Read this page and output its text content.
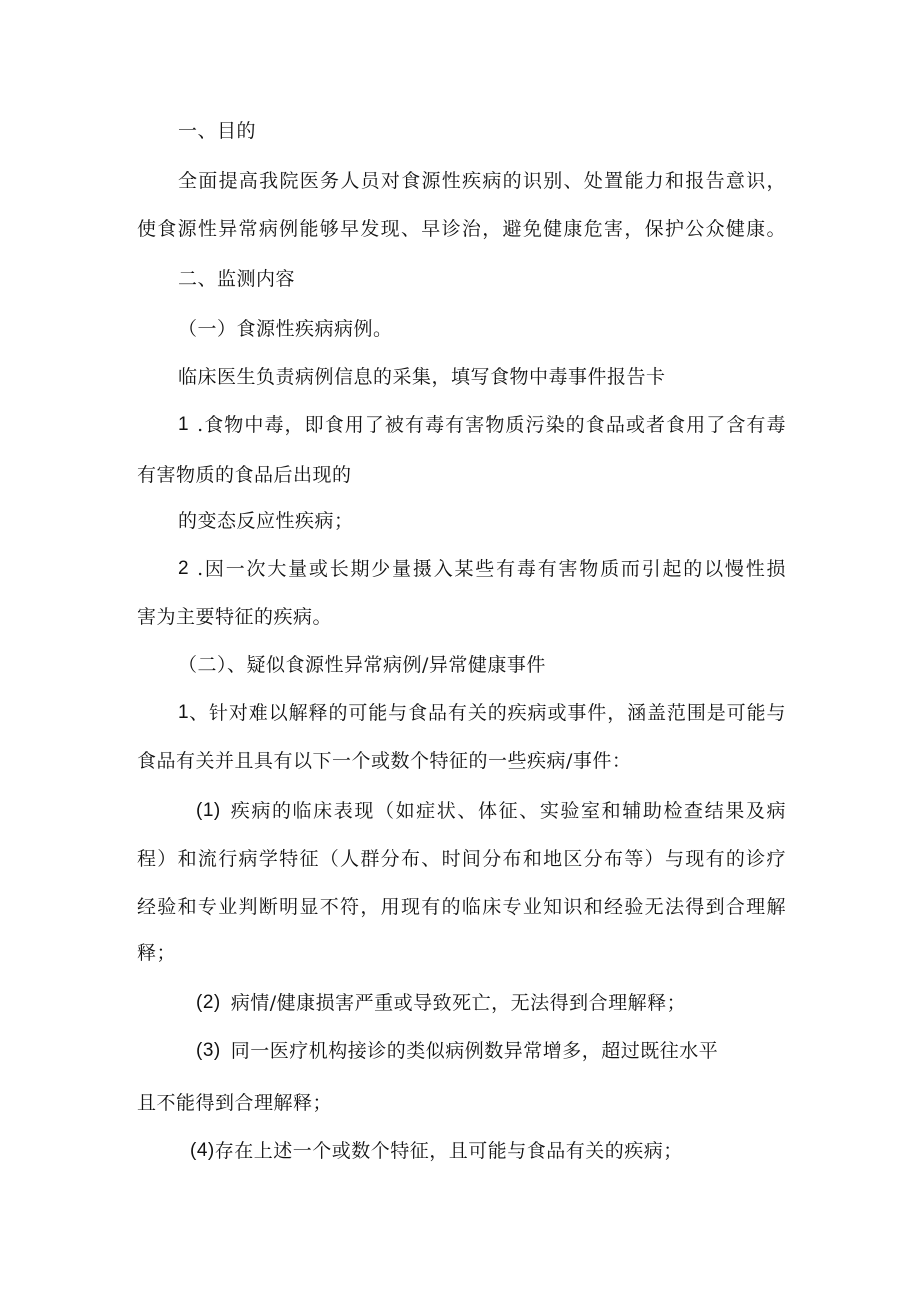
一、目的
全面提高我院医务人员对食源性疾病的识别、处置能力和报告意识，
使食源性异常病例能够早发现、早诊治，避免健康危害，保护公众健康。
二、监测内容
（一）食源性疾病病例。
临床医生负责病例信息的采集，填写食物中毒事件报告卡
1 .食物中毒，即食用了被有毒有害物质污染的食品或者食用了含有毒
有害物质的食品后出现的
的变态反应性疾病；
2 .因一次大量或长期少量摄入某些有毒有害物质而引起的以慢性损
害为主要特征的疾病。
（二）、疑似食源性异常病例/异常健康事件
1 、针对难以解释的可能与食品有关的疾病或事件，涵盖范围是可能与
食品有关并且具有以下一个或数个特征的一些疾病/事件：
(1) 疾病的临床表现（如症状、体征、实验室和辅助检查结果及病
程）和流行病学特征（人群分布、时间分布和地区分布等）与现有的诊疗
经验和专业判断明显不符，用现有的临床专业知识和经验无法得到合理解
释；
(2) 病情/健康损害严重或导致死亡，无法得到合理解释；
(3) 同一医疗机构接诊的类似病例数异常增多，超过既往水平
且不能得到合理解释；
(4) 存在上述一个或数个特征，且可能与食品有关的疾病；
